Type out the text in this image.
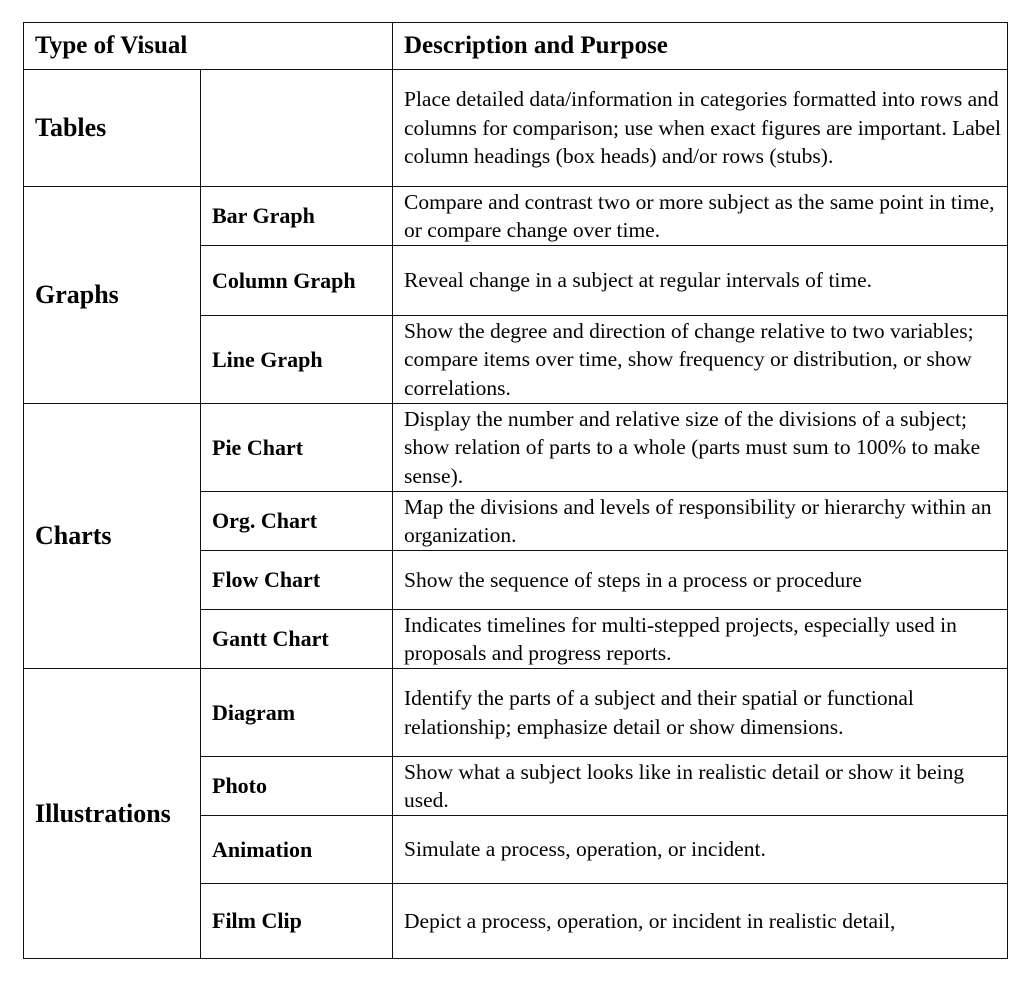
Type of Visual		Description and Purpose
Tables		Place detailed data/information in categories formatted into rows and columns for comparison; use when exact figures are important. Label column headings (box heads) and/or rows (stubs).
Graphs	Bar Graph	Compare and contrast two or more subject as the same point in time, or compare change over time.
	Column Graph	Reveal change in a subject at regular intervals of time.
	Line Graph	Show the degree and direction of change relative to two variables; compare items over time, show frequency or distribution, or show correlations.
Charts	Pie Chart	Display the number and relative size of the divisions of a subject; show relation of parts to a whole (parts must sum to 100% to make sense).
	Org. Chart	Map the divisions and levels of responsibility or hierarchy within an organization.
	Flow Chart	Show the sequence of steps in a process or procedure
	Gantt Chart	Indicates timelines for multi-stepped projects, especially used in proposals and progress reports.
Illustrations	Diagram	Identify the parts of a subject and their spatial or functional relationship; emphasize detail or show dimensions.
	Photo	Show what a subject looks like in realistic detail or show it being used.
	Animation	Simulate a process, operation, or incident.
	Film Clip	Depict a process, operation, or incident in realistic detail,
